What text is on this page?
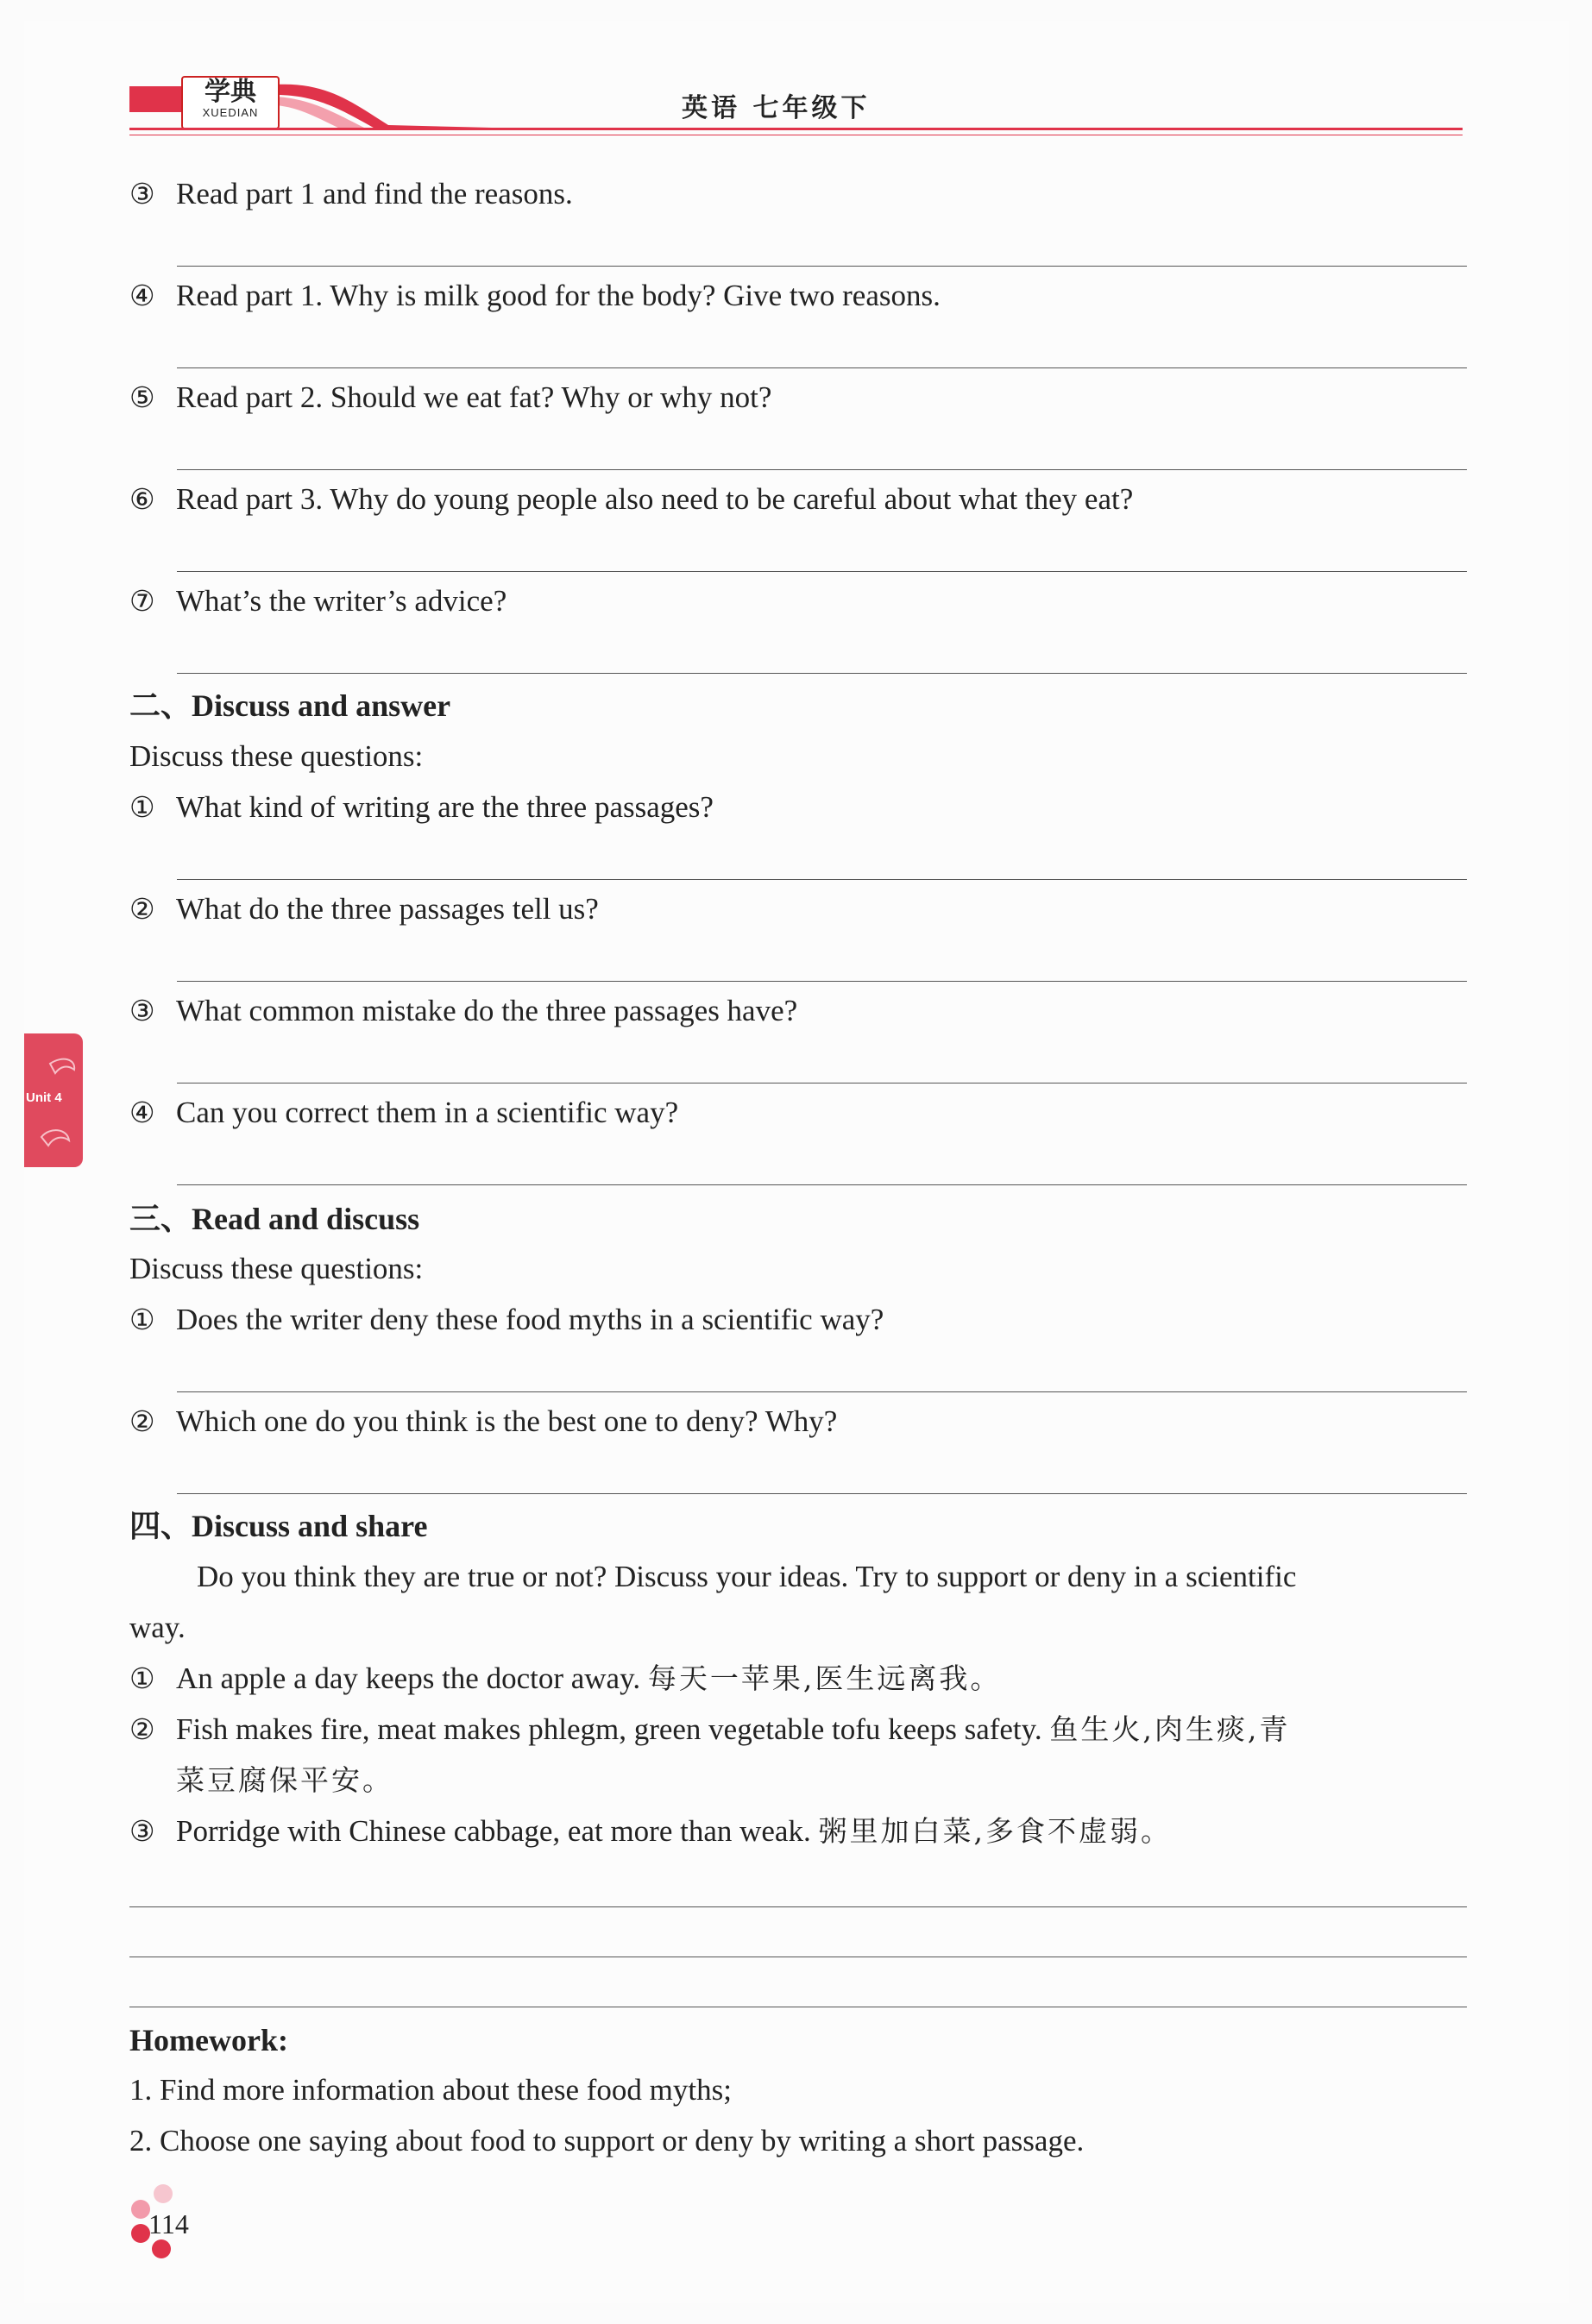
学典
XUEDIAN	英语 七年级下
③ Read part 1 and find the reasons.
④ Read part 1. Why is milk good for the body? Give two reasons.
⑤ Read part 2. Should we eat fat? Why or why not?
⑥ Read part 3. Why do young people also need to be careful about what they eat?
⑦ What’s the writer’s advice?
二、Discuss and answer
Discuss these questions:
① What kind of writing are the three passages?
② What do the three passages tell us?
③ What common mistake do the three passages have?
④ Can you correct them in a scientific way?
三、Read and discuss
Discuss these questions:
① Does the writer deny these food myths in a scientific way?
② Which one do you think is the best one to deny? Why?
四、Discuss and share
Do you think they are true or not? Discuss your ideas. Try to support or deny in a scientific
way.
① An apple a day keeps the doctor away. 每天一苹果,医生远离我。
② Fish makes fire, meat makes phlegm, green vegetable tofu keeps safety. 鱼生火,肉生痰,青
菜豆腐保平安。
③ Porridge with Chinese cabbage, eat more than weak. 粥里加白菜,多食不虚弱。
Homework:
1. Find more information about these food myths;
2. Choose one saying about food to support or deny by writing a short passage.
Unit 4
114
